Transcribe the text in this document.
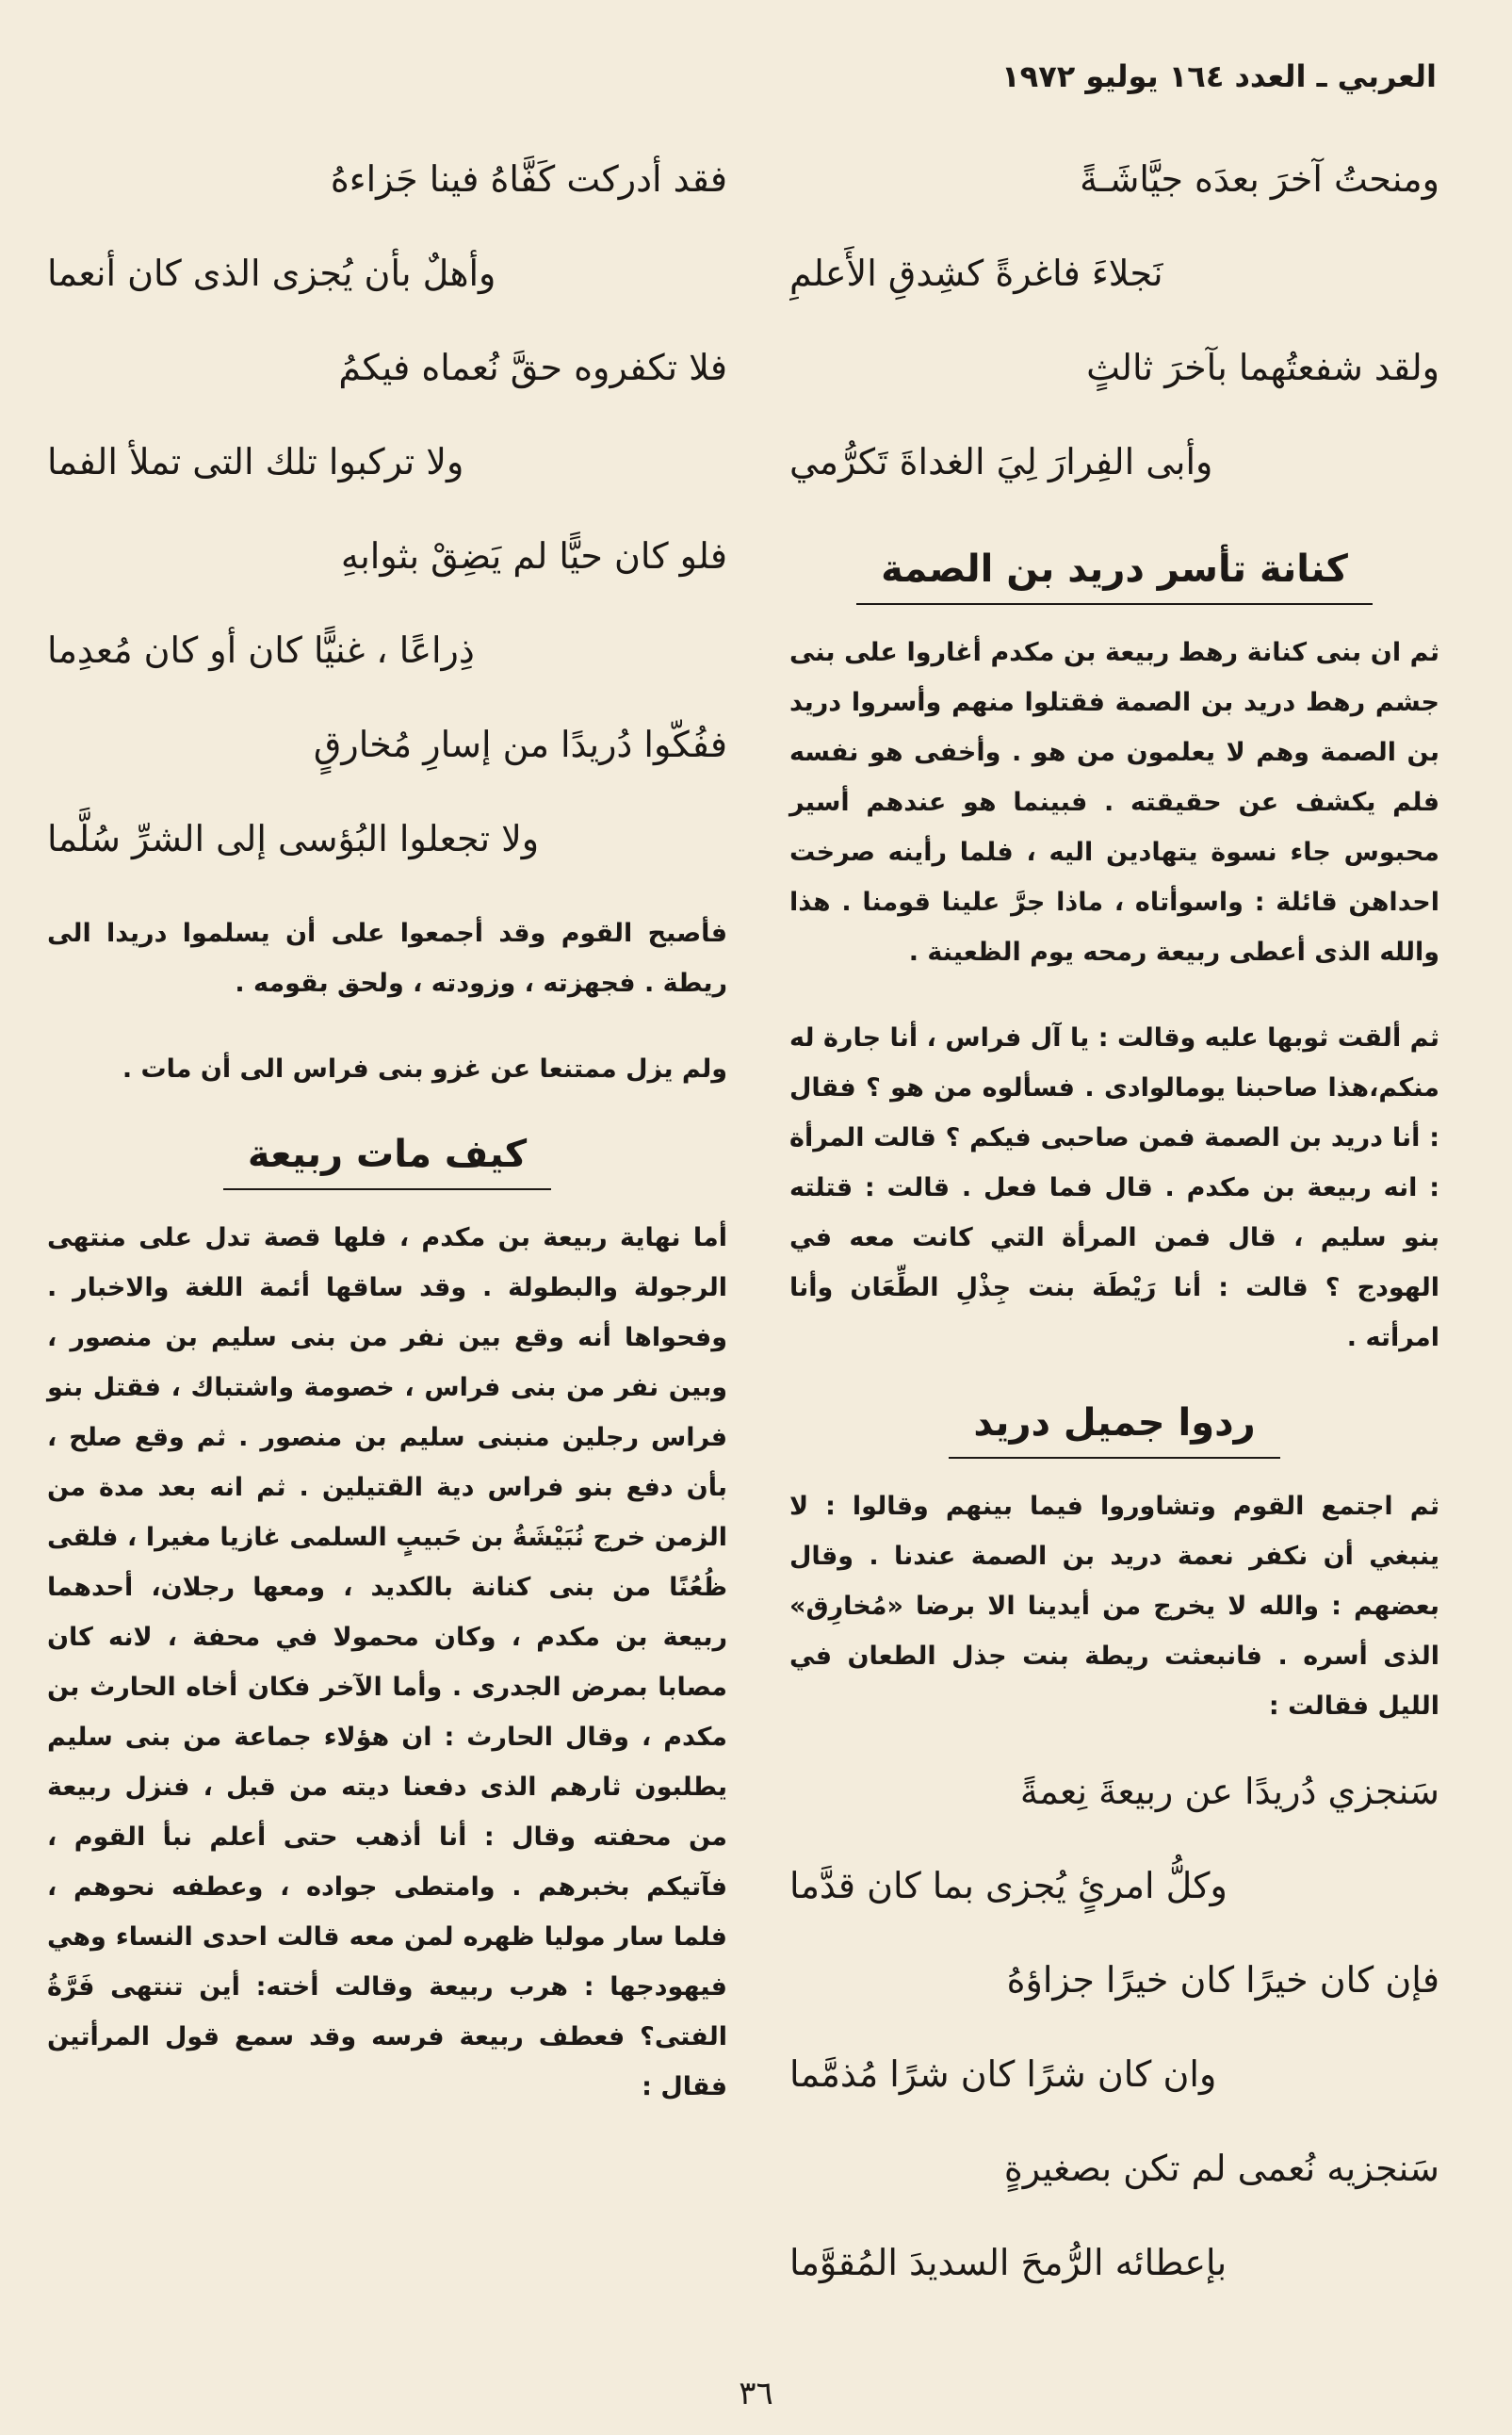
العربي ـ العدد ١٦٤ يوليو ١٩٧٢
ومنحتُ آخرَ بعدَه جيَّاشَـةً
نَجلاءَ فاغرةً كشِدقِ الأَعلمِ
ولقد شفعتُهما بآخرَ ثالثٍ
وأبى الفِرارَ لِيَ الغداةَ تَكرُّمي
كنانة تأسر دريد بن الصمة

ثم ان بنى كنانة رهط ربيعة بن مكدم أغاروا على بنى جشم رهط دريد بن الصمة فقتلوا منهم وأسروا دريد بن الصمة وهم لا يعلمون من هو . وأخفى هو نفسه فلم يكشف عن حقيقته . فبينما هو عندهم أسير محبوس جاء نسوة يتهادين اليه ، فلما رأينه صرخت احداهن قائلة : واسوأتاه ، ماذا جرَّ علينا قومنا . هذا والله الذى أعطى ربيعة رمحه يوم الظعينة .

ثم ألقت ثوبها عليه وقالت : يا آل فراس ، أنا جارة له منكم،هذا صاحبنا يومالوادى . فسألوه من هو ؟ فقال : أنا دريد بن الصمة فمن صاحبى فيكم ؟ قالت المرأة : انه ربيعة بن مكدم . قال فما فعل . قالت : قتلته بنو سليم ، قال فمن المرأة التي كانت معه في الهودج ؟ قالت : أنا رَيْطَة بنت جِذْلِ الطِّعَان وأنا امرأته .

ردوا جميل دريد

ثم اجتمع القوم وتشاوروا فيما بينهم وقالوا : لا ينبغي أن نكفر نعمة دريد بن الصمة عندنا . وقال بعضهم : والله لا يخرج من أيدينا الا برضا «مُخارِق» الذى أسره . فانبعثت ريطة بنت جذل الطعان في الليل فقالت :

سَنجزي دُريدًا عن ربيعةَ نِعمةً
وكلُّ امرئٍ يُجزى بما كان قدَّما
فإن كان خيرًا كان خيرًا جزاؤهُ
وان كان شرًا كان شرًا مُذمَّما
سَنجزيه نُعمى لم تكن بصغيرةٍ
بإعطائه الرُّمحَ السديدَ المُقوَّما
فقد أدركت كَفَّاهُ فينا جَزاءهُ
وأهلٌ بأن يُجزى الذى كان أنعما
فلا تكفروه حقَّ نُعماه فيكمُ
ولا تركبوا تلك التى تملأ الفما
فلو كان حيًّا لم يَضِقْ بثوابهِ
ذِراعًا ، غنيًّا كان أو كان مُعدِما
ففُكّوا دُريدًا من إسارِ مُخارقٍ
ولا تجعلوا البُؤسى إلى الشرِّ سُلَّما

فأصبح القوم وقد أجمعوا على أن يسلموا دريدا الى ريطة . فجهزته ، وزودته ، ولحق بقومه .

ولم يزل ممتنعا عن غزو بنى فراس الى أن مات .

كيف مات ربيعة

أما نهاية ربيعة بن مكدم ، فلها قصة تدل على منتهى الرجولة والبطولة . وقد ساقها أئمة اللغة والاخبار . وفحواها أنه وقع بين نفر من بنى سليم بن منصور ، وبين نفر من بنى فراس ، خصومة واشتباك ، فقتل بنو فراس رجلين منبنى سليم بن منصور . ثم وقع صلح ، بأن دفع بنو فراس دية القتيلين . ثم انه بعد مدة من الزمن خرج نُبَيْشَةُ بن حَبيبٍ السلمى غازيا مغيرا ، فلقى ظُعُنًا من بنى كنانة بالكديد ، ومعها رجلان، أحدهما ربيعة بن مكدم ، وكان محمولا في محفة ، لانه كان مصابا بمرض الجدرى . وأما الآخر فكان أخاه الحارث بن مكدم ، وقال الحارث : ان هؤلاء جماعة من بنى سليم يطلبون ثارهم الذى دفعنا ديته من قبل ، فنزل ربيعة من محفته وقال : أنا أذهب حتى أعلم نبأ القوم ، فآتيكم بخبرهم . وامتطى جواده ، وعطفه نحوهم ، فلما سار موليا ظهره لمن معه قالت احدى النساء وهي فيهودجها : هرب ربيعة وقالت أخته: أين تنتهى فَرَّةُ الفتى؟ فعطف ربيعة فرسه وقد سمع قول المرأتين فقال :

٣٦
